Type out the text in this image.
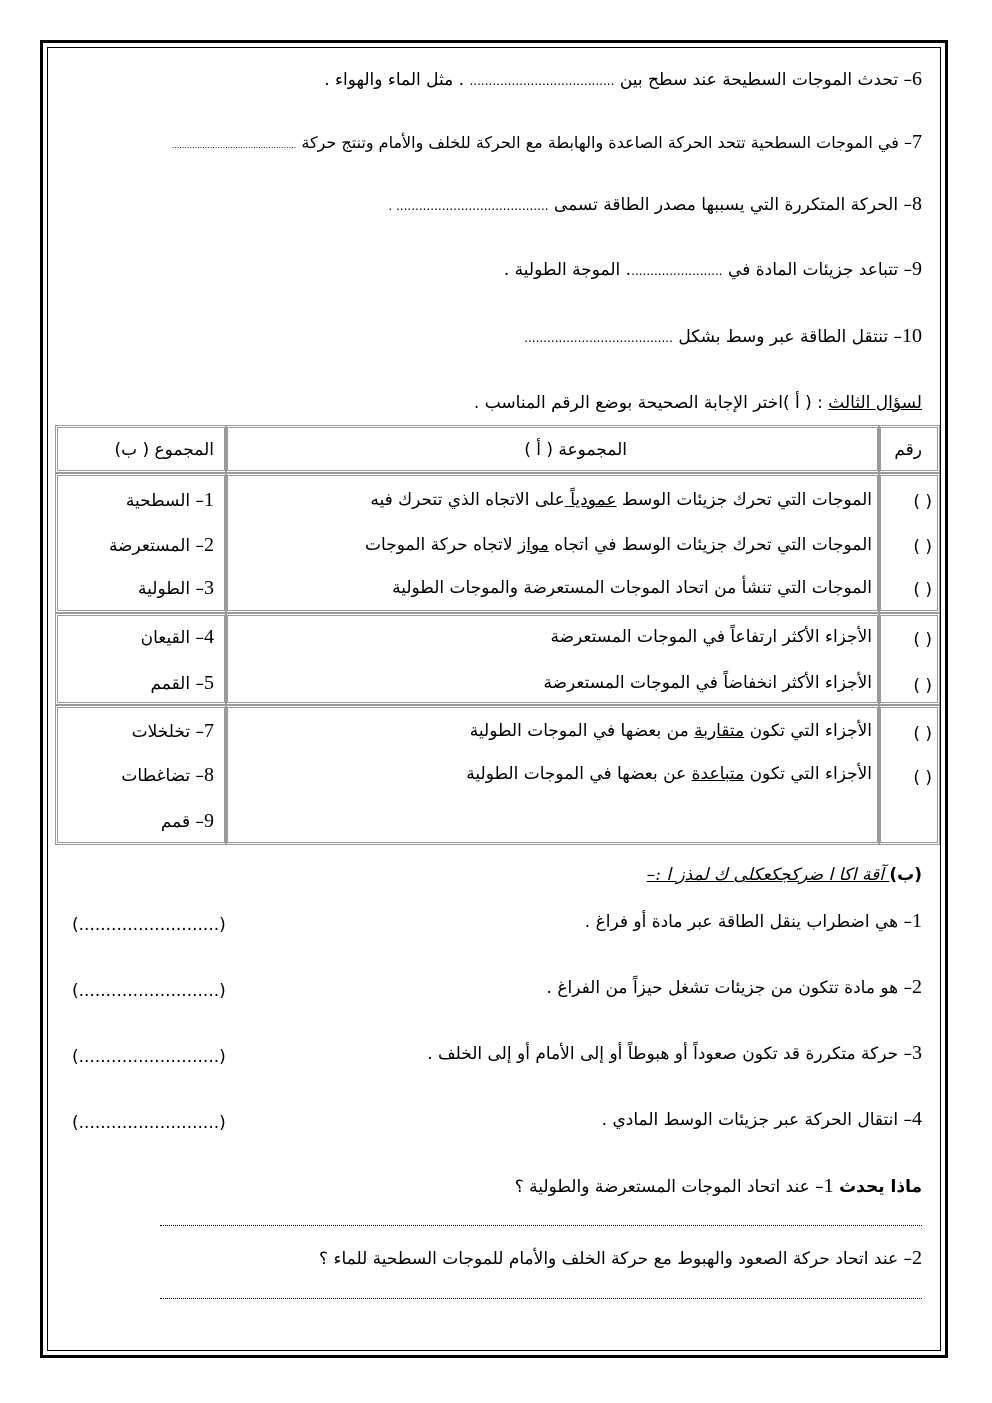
6– تحدث الموجات السطيحة عند سطح بين ...................................... . مثل الماء والهواء .
7– في الموجات السطحية تتحد الحركة الصاعدة والهابطة مع الحركة للخلف والأمام وتنتج حركة .................................................
8– الحركة المتكررة التي يسببها مصدر الطاقة تسمى ........................................ .
9– تتباعد جزيئات المادة في ......................... الموجة الطولية .
10– تنتقل الطاقة عبر وسط بشكل .......................................
لسؤال الثالث : ( أ )اختر الإجابة الصحيحة بوضع الرقم المناسب .
رقم
المجموعة ( أ )
المجموع ( ب)
( )
الموجات التي تحرك جزيئات الوسط عمودياً على الاتجاه الذي تتحرك فيه
( )
الموجات التي تحرك جزيئات الوسط في اتجاه مواز لاتجاه حركة الموجات
( )
الموجات التي تنشأ من اتحاد الموجات المستعرضة والموجات الطولية
( )
الأجزاء الأكثر ارتفاعاً في الموجات المستعرضة
( )
الأجزاء الأكثر انخفاضاً في الموجات المستعرضة
( )
الأجزاء التي تكون متقاربة من بعضها في الموجات الطولية
( )
الأجزاء التي تكون متباعدة عن بعضها في الموجات الطولية
1– السطحية
2– المستعرضة
3– الطولية
4– القيعان
5– القمم
7– تخلخلات
8– تضاغطات
9– قمم
(ب) آقة اكا ا ضركجكعكلى ك لمذز ا :–
1– هي اضطراب ينقل الطاقة عبر مادة أو فراغ .
(..........................)
2– هو مادة تتكون من جزيئات تشغل حيزاً من الفراغ .
(..........................)
3– حركة متكررة قد تكون صعوداً أو هبوطاً أو إلى الأمام أو إلى الخلف .
(..........................)
4– انتقال الحركة عبر جزيئات الوسط المادي .
(..........................)
ماذا يحدث 1– عند اتحاد الموجات المستعرضة والطولية ؟
2– عند اتحاد حركة الصعود والهبوط مع حركة الخلف والأمام للموجات السطحية للماء ؟
